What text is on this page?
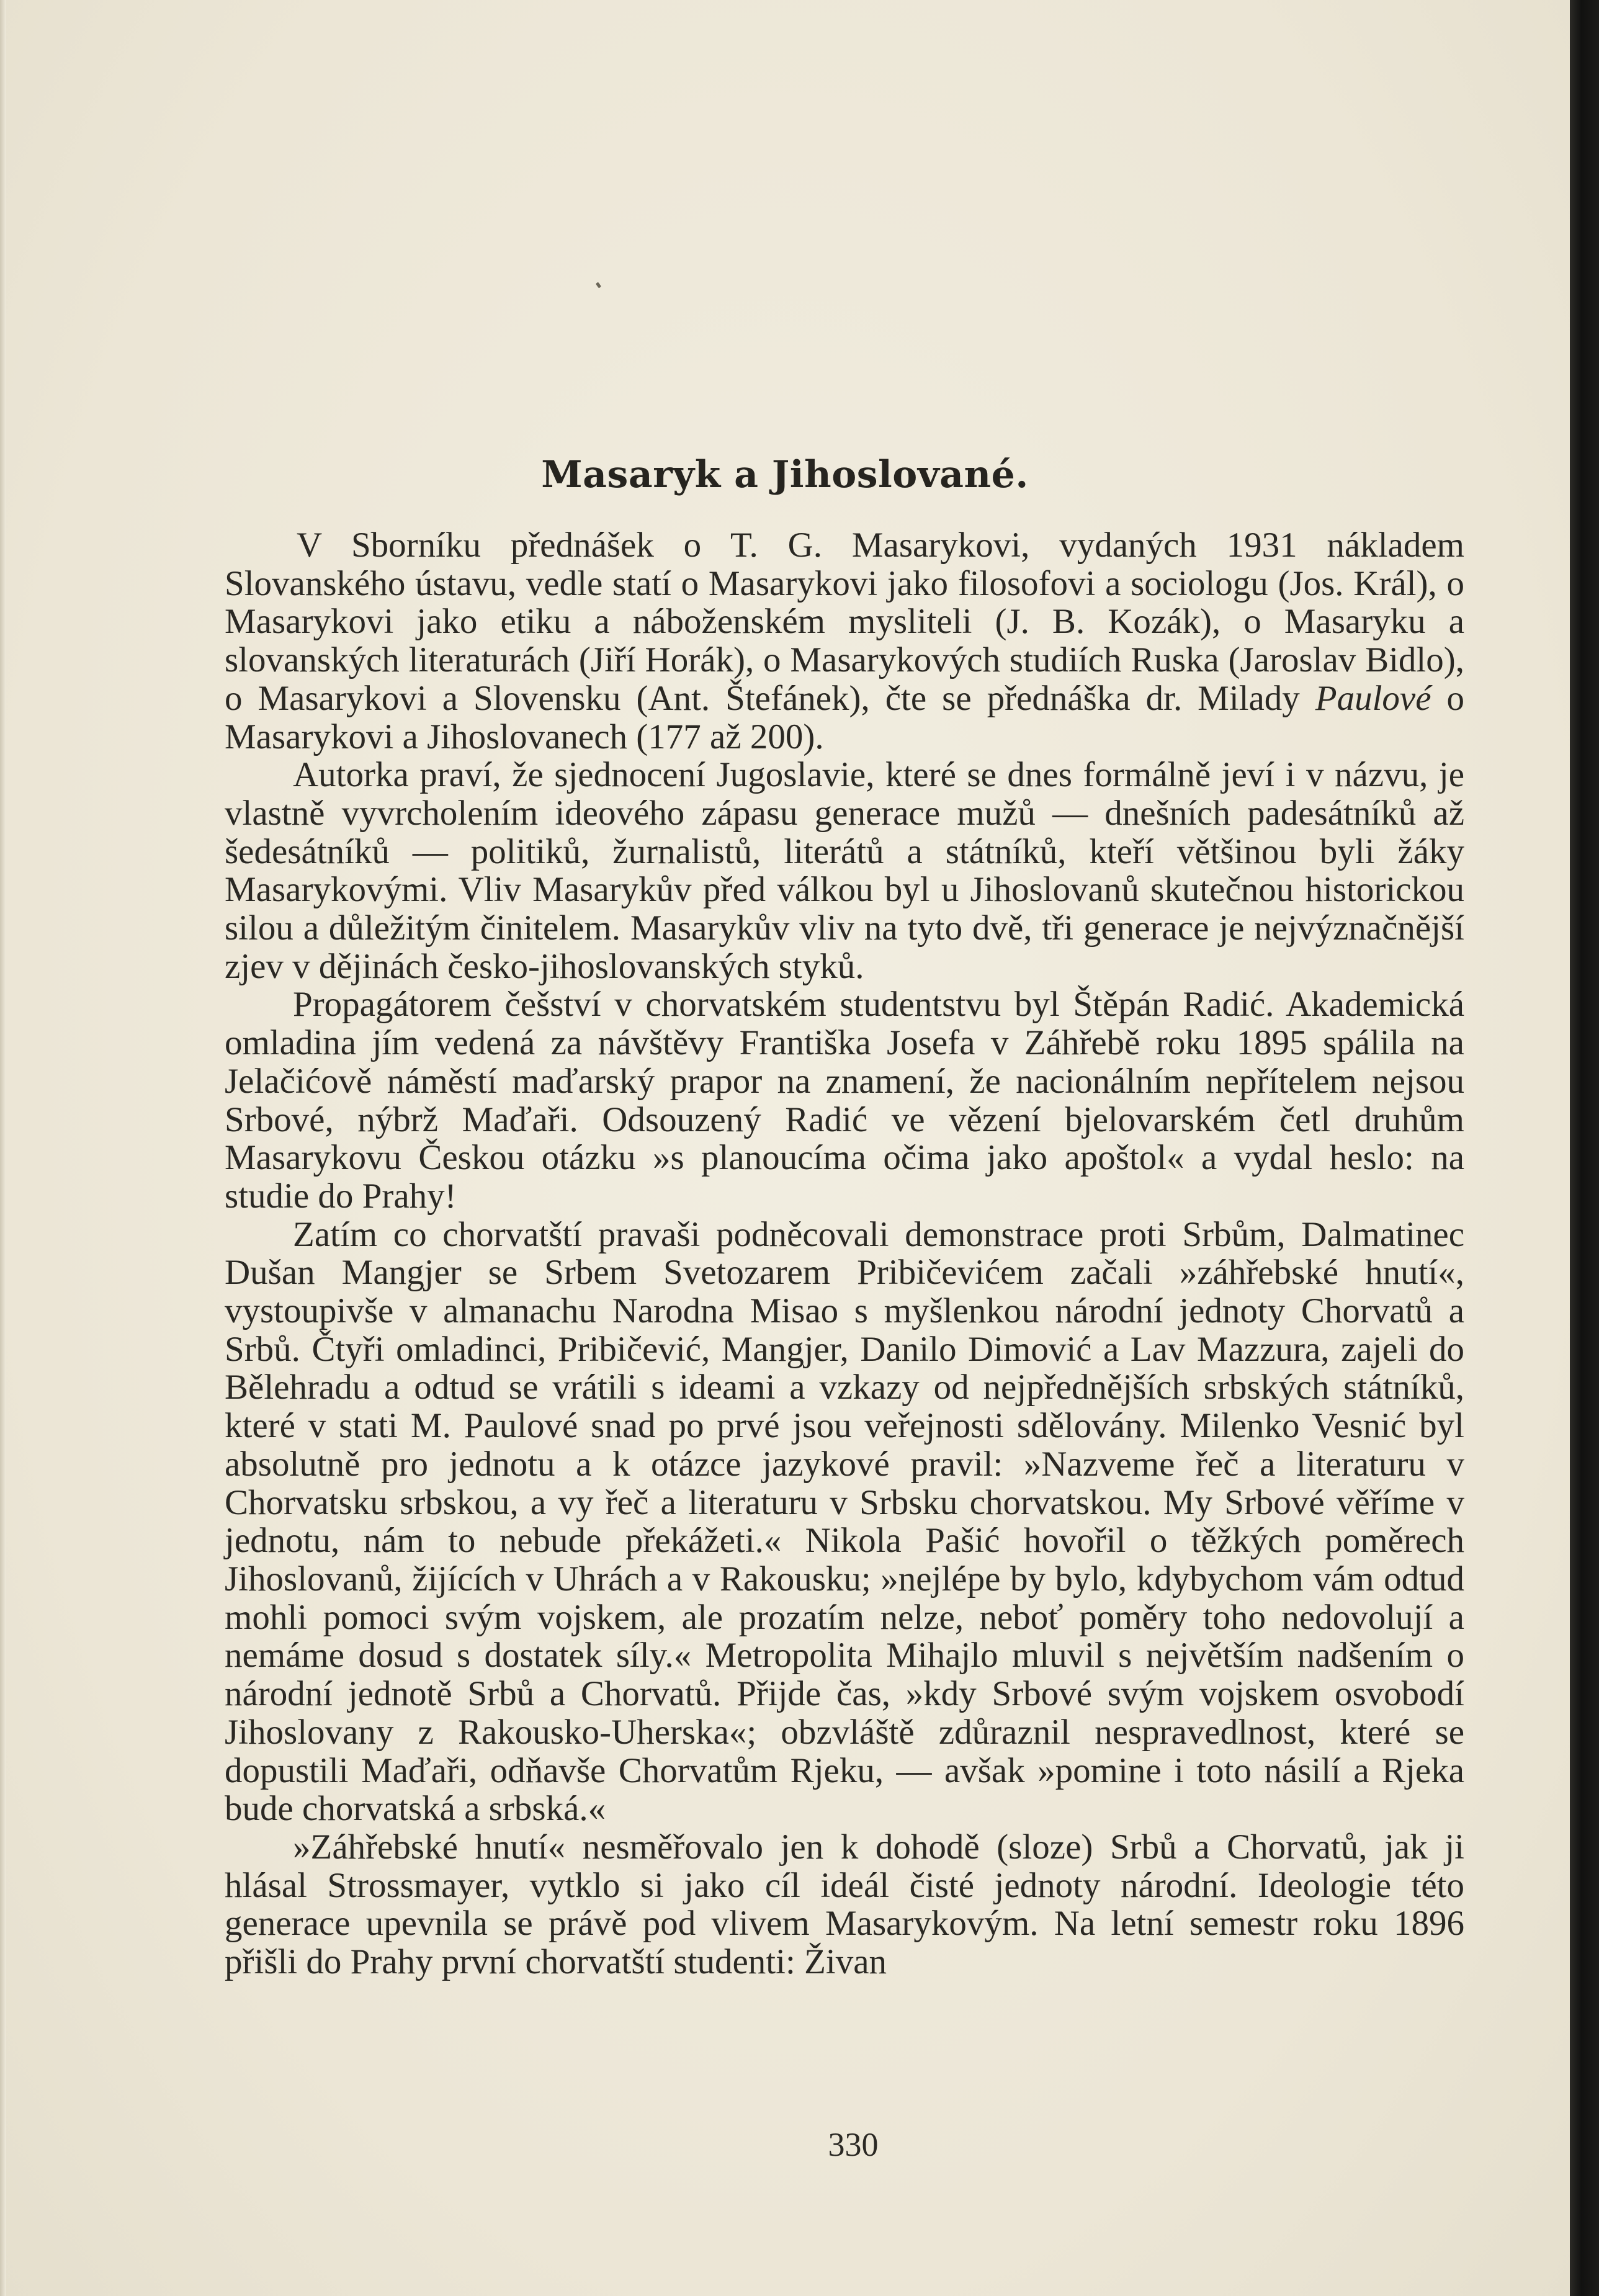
Masaryk a Jihoslované.

V Sborníku přednášek o T. G. Masarykovi, vydaných 1931 nákladem Slovanského ústavu, vedle statí o Masarykovi jako filosofovi a sociologu (Jos. Král), o Masarykovi jako etiku a náboženském mysliteli (J. B. Kozák), o Masaryku a slovanských literaturách (Jiří Horák), o Masarykových studiích Ruska (Jaroslav Bidlo), o Masarykovi a Slovensku (Ant. Štefánek), čte se přednáška dr. Milady Paulové o Masarykovi a Jihoslovanech (177 až 200).

Autorka praví, že sjednocení Jugoslavie, které se dnes formálně jeví i v názvu, je vlastně vyvrcholením ideového zápasu generace mužů — dnešních padesátníků až šedesátníků — politiků, žurnalistů, literátů a státníků, kteří většinou byli žáky Masarykovými. Vliv Masarykův před válkou byl u Jihoslovanů skutečnou historickou silou a důležitým činitelem. Masarykův vliv na tyto dvě, tři generace je nejvýznačnější zjev v dějinách česko-jihoslovanských styků.

Propagátorem češství v chorvatském studentstvu byl Štěpán Radić. Akademická omladina jím vedená za návštěvy Františka Josefa v Záhřebě roku 1895 spálila na Jelačićově náměstí maďarský prapor na znamení, že nacionálním nepřítelem nejsou Srbové, nýbrž Maďaři. Odsouzený Radić ve vězení bjelovarském četl druhům Masarykovu Českou otázku »s planoucíma očima jako apoštol« a vydal heslo: na studie do Prahy!

Zatím co chorvatští pravaši podněcovali demonstrace proti Srbům, Dalmatinec Dušan Mangjer se Srbem Svetozarem Pribičevićem začali »záhřebské hnutí«, vystoupivše v almanachu Narodna Misao s myšlenkou národní jednoty Chorvatů a Srbů. Čtyři omladinci, Pribičević, Mangjer, Danilo Dimović a Lav Mazzura, zajeli do Bělehradu a odtud se vrátili s ideami a vzkazy od nejpřednějších srbských státníků, které v stati M. Paulové snad po prvé jsou veřejnosti sdělovány. Milenko Vesnić byl absolutně pro jednotu a k otázce jazykové pravil: »Nazveme řeč a literaturu v Chorvatsku srbskou, a vy řeč a literaturu v Srbsku chorvatskou. My Srbové věříme v jednotu, nám to nebude překážeti.« Nikola Pašić hovořil o těžkých poměrech Jihoslovanů, žijících v Uhrách a v Rakousku; »nejlépe by bylo, kdybychom vám odtud mohli pomoci svým vojskem, ale prozatím nelze, neboť poměry toho nedovolují a nemáme dosud s dostatek síly.« Metropolita Mihajlo mluvil s největším nadšením o národní jednotě Srbů a Chorvatů. Přijde čas, »kdy Srbové svým vojskem osvobodí Jihoslovany z Rakousko-Uherska«; obzvláště zdůraznil nespravedlnost, které se dopustili Maďaři, odňavše Chorvatům Rjeku, — avšak »pomine i toto násilí a Rjeka bude chorvatská a srbská.«

»Záhřebské hnutí« nesměřovalo jen k dohodě (sloze) Srbů a Chorvatů, jak ji hlásal Strossmayer, vytklo si jako cíl ideál čisté jednoty národní. Ideologie této generace upevnila se právě pod vlivem Masarykovým. Na letní semestr roku 1896 přišli do Prahy první chorvatští studenti: Živan

330
